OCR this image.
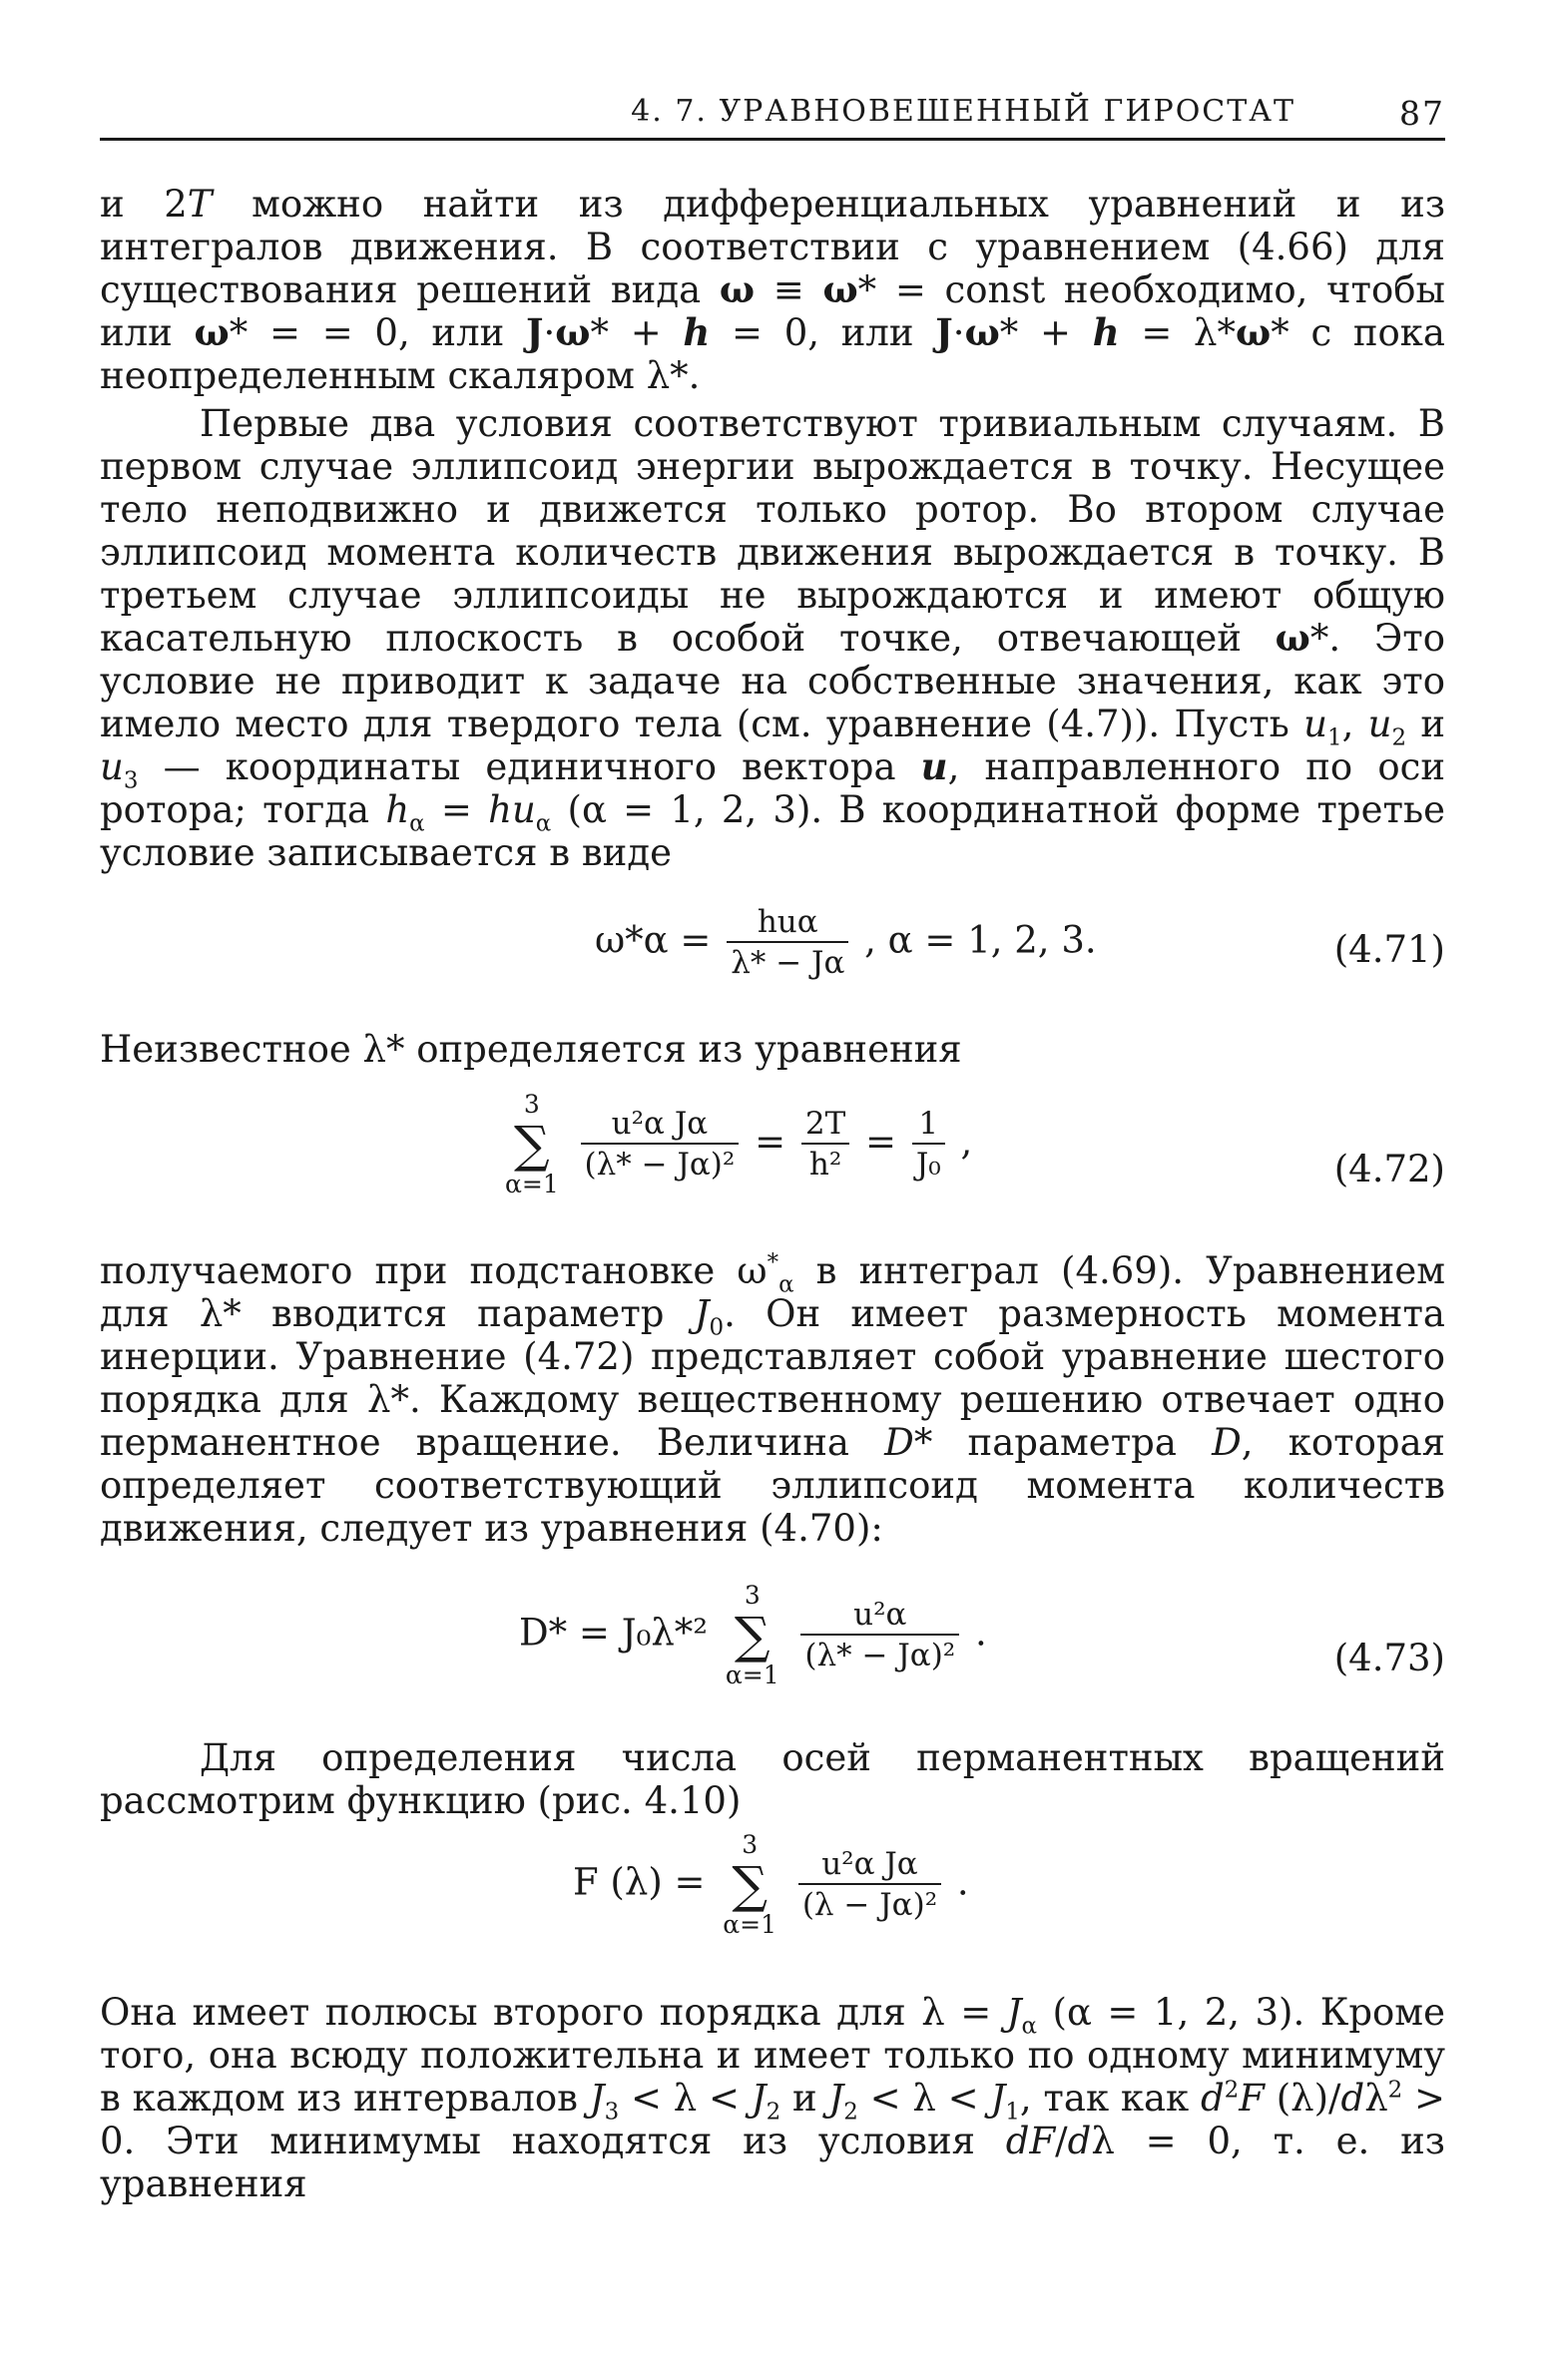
4. 7. УРАВНОВЕШЕННЫЙ ГИРОСТАТ	87

и 2T можно найти из дифференциальных уравнений и из интегралов движения. В соответствии с уравнением (4.66) для существования решений вида ω ≡ ω* = const необходимо, чтобы или ω* = = 0, или J·ω* + h = 0, или J·ω* + h = λ*ω* с пока неопределенным скаляром λ*.

Первые два условия соответствуют тривиальным случаям. В первом случае эллипсоид энергии вырождается в точку. Несущее тело неподвижно и движется только ротор. Во втором случае эллипсоид момента количеств движения вырождается в точку. В третьем случае эллипсоиды не вырождаются и имеют общую касательную плоскость в особой точке, отвечающей ω*. Это условие не приводит к задаче на собственные значения, как это имело место для твердого тела (см. уравнение (4.7)). Пусть $u_1$, $u_2$ и $u_3$ — координаты единичного вектора u, направленного по оси ротора; тогда $h_\alpha = hu_\alpha$ (α = 1, 2, 3). В координатной форме третье условие записывается в виде

$\omega*\alpha = \frac{\text{huα}}{\lambda* - J\alpha}$ , α = 1, 2, 3.	(4.71)

Неизвестное λ* определяется из уравнения

3
∑
α=1
$\frac{\text{u²α Jα}}{\text{(λ* − Jα)²}} = \frac{2T}{\text{h²}} = \frac{1}{\text{J₀}}$ ,
(4.72)

получаемого при подстановке $\omega^*_\alpha$ в интеграл (4.69). Уравнением для λ* вводится параметр $J_0$. Он имеет размерность момента инерции. Уравнение (4.72) представляет собой уравнение шестого порядка для λ*. Каждому вещественному решению отвечает одно перманентное вращение. Величина D* параметра D, которая определяет соответствующий эллипсоид момента количеств движения, следует из уравнения (4.70):

D* = J₀λ*²
3
∑
α=1
$\frac{\text{u²α}}{\text{(λ* − Jα)²}}$ .
(4.73)

Для определения числа осей перманентных вращений рассмотрим функцию (рис. 4.10)

F (λ) =
3
∑
α=1
$\frac{\text{u²α Jα}}{\text{(λ − Jα)²}}$ .

Она имеет полюсы второго порядка для $\lambda = J_\alpha$ (α = 1, 2, 3). Кроме того, она всюду положительна и имеет только по одному минимуму в каждом из интервалов $J_3 < \lambda < J_2$ и $J_2 < \lambda < J_1$, так как $d^2F$ $(\lambda)/d\lambda^2 > 0$. Эти минимумы находятся из условия dF/dλ = 0, т. е. из уравнения
